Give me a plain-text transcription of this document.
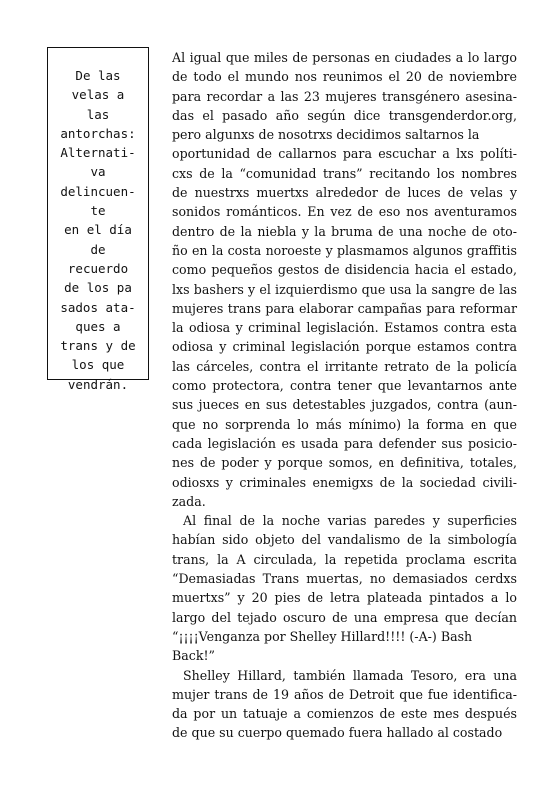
De las
velas a
las
antorchas:
Alternati-
va
delincuen-
te
en el día
de
recuerdo
de los pa
sados ata-
ques a
trans y de
los que
vendrán.
Al igual que miles de personas en ciudades a lo largo
de todo el mundo nos reunimos el 20 de noviembre
para recordar a las 23 mujeres transgénero asesina-
das el pasado año según dice transgenderdor.org,
pero algunxs de nosotrxs decidimos saltarnos la
oportunidad de callarnos para escuchar a lxs políti-
cxs de la “comunidad trans” recitando los nombres
de nuestrxs muertxs alrededor de luces de velas y
sonidos románticos. En vez de eso nos aventuramos
dentro de la niebla y la bruma de una noche de oto-
ño en la costa noroeste y plasmamos algunos graffitis
como pequeños gestos de disidencia hacia el estado,
lxs bashers y el izquierdismo que usa la sangre de las
mujeres trans para elaborar campañas para reformar
la odiosa y criminal legislación. Estamos contra esta
odiosa y criminal legislación porque estamos contra
las cárceles, contra el irritante retrato de la policía
como protectora, contra tener que levantarnos ante
sus jueces en sus detestables juzgados, contra (aun-
que no sorprenda lo más mínimo) la forma en que
cada legislación es usada para defender sus posicio-
nes de poder y porque somos, en definitiva, totales,
odiosxs y criminales enemigxs de la sociedad civili-
zada.
Al final de la noche varias paredes y superficies
habían sido objeto del vandalismo de la simbología
trans, la A circulada, la repetida proclama escrita
“Demasiadas Trans muertas, no demasiados cerdxs
muertxs” y 20 pies de letra plateada pintados a lo
largo del tejado oscuro de una empresa que decían
“¡¡¡¡Venganza por Shelley Hillard!!!! (-A-) Bash
Back!”
Shelley Hillard, también llamada Tesoro, era una
mujer trans de 19 años de Detroit que fue identifica-
da por un tatuaje a comienzos de este mes después
de que su cuerpo quemado fuera hallado al costado
